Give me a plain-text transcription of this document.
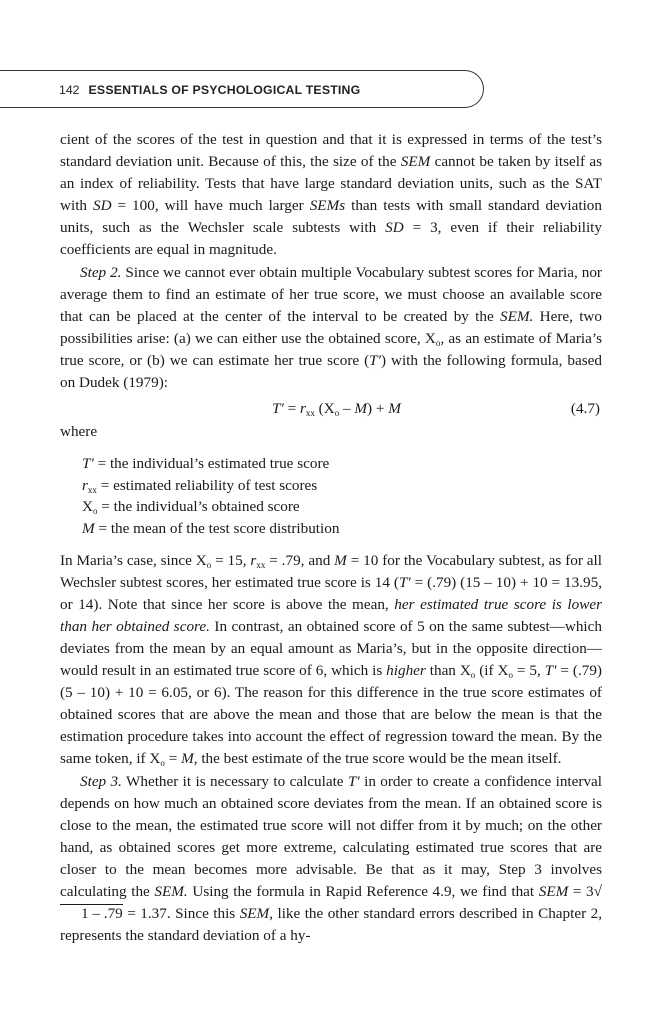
142 ESSENTIALS OF PSYCHOLOGICAL TESTING

cient of the scores of the test in question and that it is expressed in terms of the test’s standard deviation unit. Because of this, the size of the SEM cannot be taken by itself as an index of reliability. Tests that have large standard deviation units, such as the SAT with SD = 100, will have much larger SEMs than tests with small standard deviation units, such as the Wechsler scale subtests with SD = 3, even if their reliability coefficients are equal in magnitude.

Step 2. Since we cannot ever obtain multiple Vocabulary subtest scores for Maria, nor average them to find an estimate of her true score, we must choose an available score that can be placed at the center of the interval to be created by the SEM. Here, two possibilities arise: (a) we can either use the obtained score, $X_o$, as an estimate of Maria’s true score, or (b) we can estimate her true score (T′) with the following formula, based on Dudek (1979):

$T' = r_{xx}$ $(X_o - M) + M$	(4.7)

where

T′ = the individual’s estimated true score
$r_{xx}$ = estimated reliability of test scores
$X_o$ = the individual’s obtained score
M = the mean of the test score distribution

In Maria’s case, since $X_o = 15$, $r_{xx} = .79$, and M = 10 for the Vocabulary subtest, as for all Wechsler subtest scores, her estimated true score is 14 (T′ = (.79) (15 – 10) + 10 = 13.95, or 14). Note that since her score is above the mean, her estimated true score is lower than her obtained score. In contrast, an obtained score of 5 on the same subtest—which deviates from the mean by an equal amount as Maria’s, but in the opposite direction—would result in an estimated true score of 6, which is higher than $X_o$ (if $X_o = 5$, T′ = (.79) (5 – 10) + 10 = 6.05, or 6). The reason for this difference in the true score estimates of obtained scores that are above the mean and those that are below the mean is that the estimation procedure takes into account the effect of regression toward the mean. By the same token, if $X_o = M$, the best estimate of the true score would be the mean itself.

Step 3. Whether it is necessary to calculate T′ in order to create a confidence interval depends on how much an obtained score deviates from the mean. If an obtained score is close to the mean, the estimated true score will not differ from it by much; on the other hand, as obtained scores get more extreme, calculating estimated true scores that are closer to the mean becomes more advisable. Be that as it may, Step 3 involves calculating the SEM. Using the formula in Rapid Reference 4.9, we find that SEM = 3√1 – .79 = 1.37. Since this SEM, like the other standard errors described in Chapter 2, represents the standard deviation of a hy-
